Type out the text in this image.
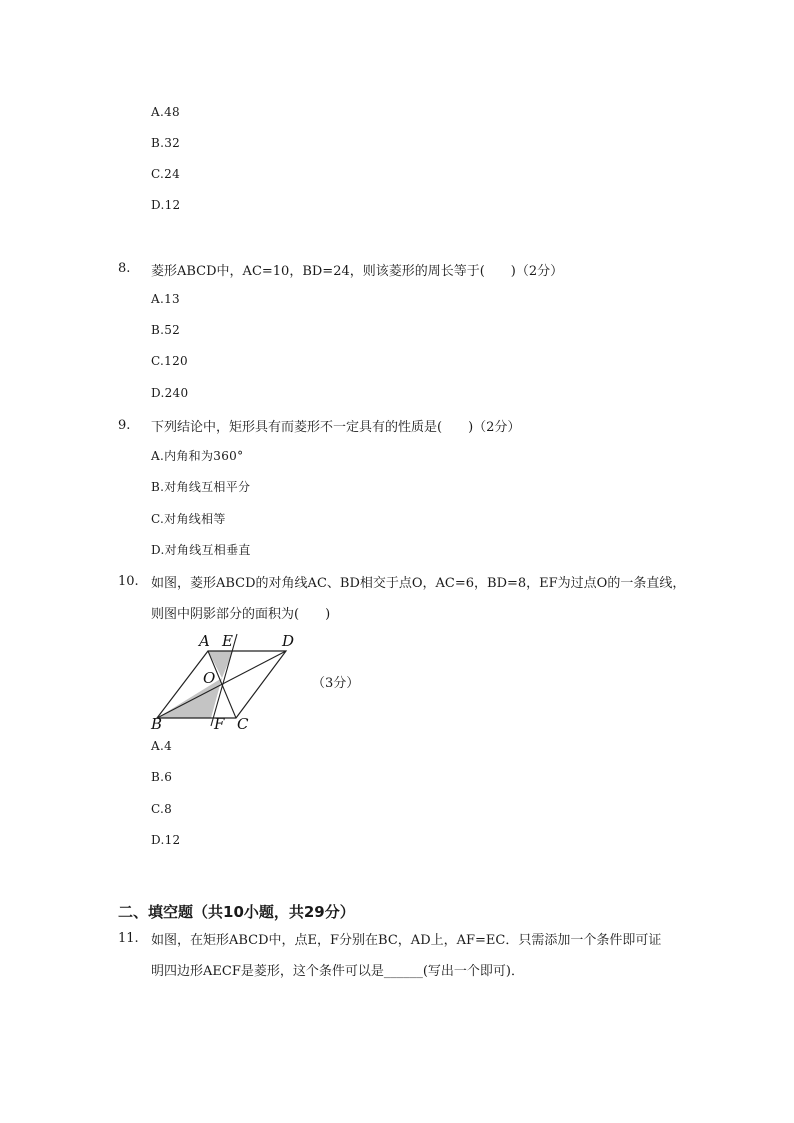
A.48
B.32
C.24
D.12
8. 菱形ABCD中，AC=10，BD=24，则该菱形的周长等于(　　)（2分）
A.13
B.52
C.120
D.240
9. 下列结论中，矩形具有而菱形不一定具有的性质是(　　)（2分）
A.内角和为360°
B.对角线互相平分
C.对角线相等
D.对角线互相垂直
10. 如图，菱形ABCD的对角线AC、BD相交于点O，AC=6，BD=8，EF为过点O的一条直线，
则图中阴影部分的面积为(　　)
A E	D
O
B	F C
（3分）
A.4
B.6
C.8
D.12
二、填空题（共10小题，共29分）
11. 如图，在矩形ABCD中，点E，F分别在BC，AD上，AF=EC．只需添加一个条件即可证
明四边形AECF是菱形，这个条件可以是______(写出一个即可)．
